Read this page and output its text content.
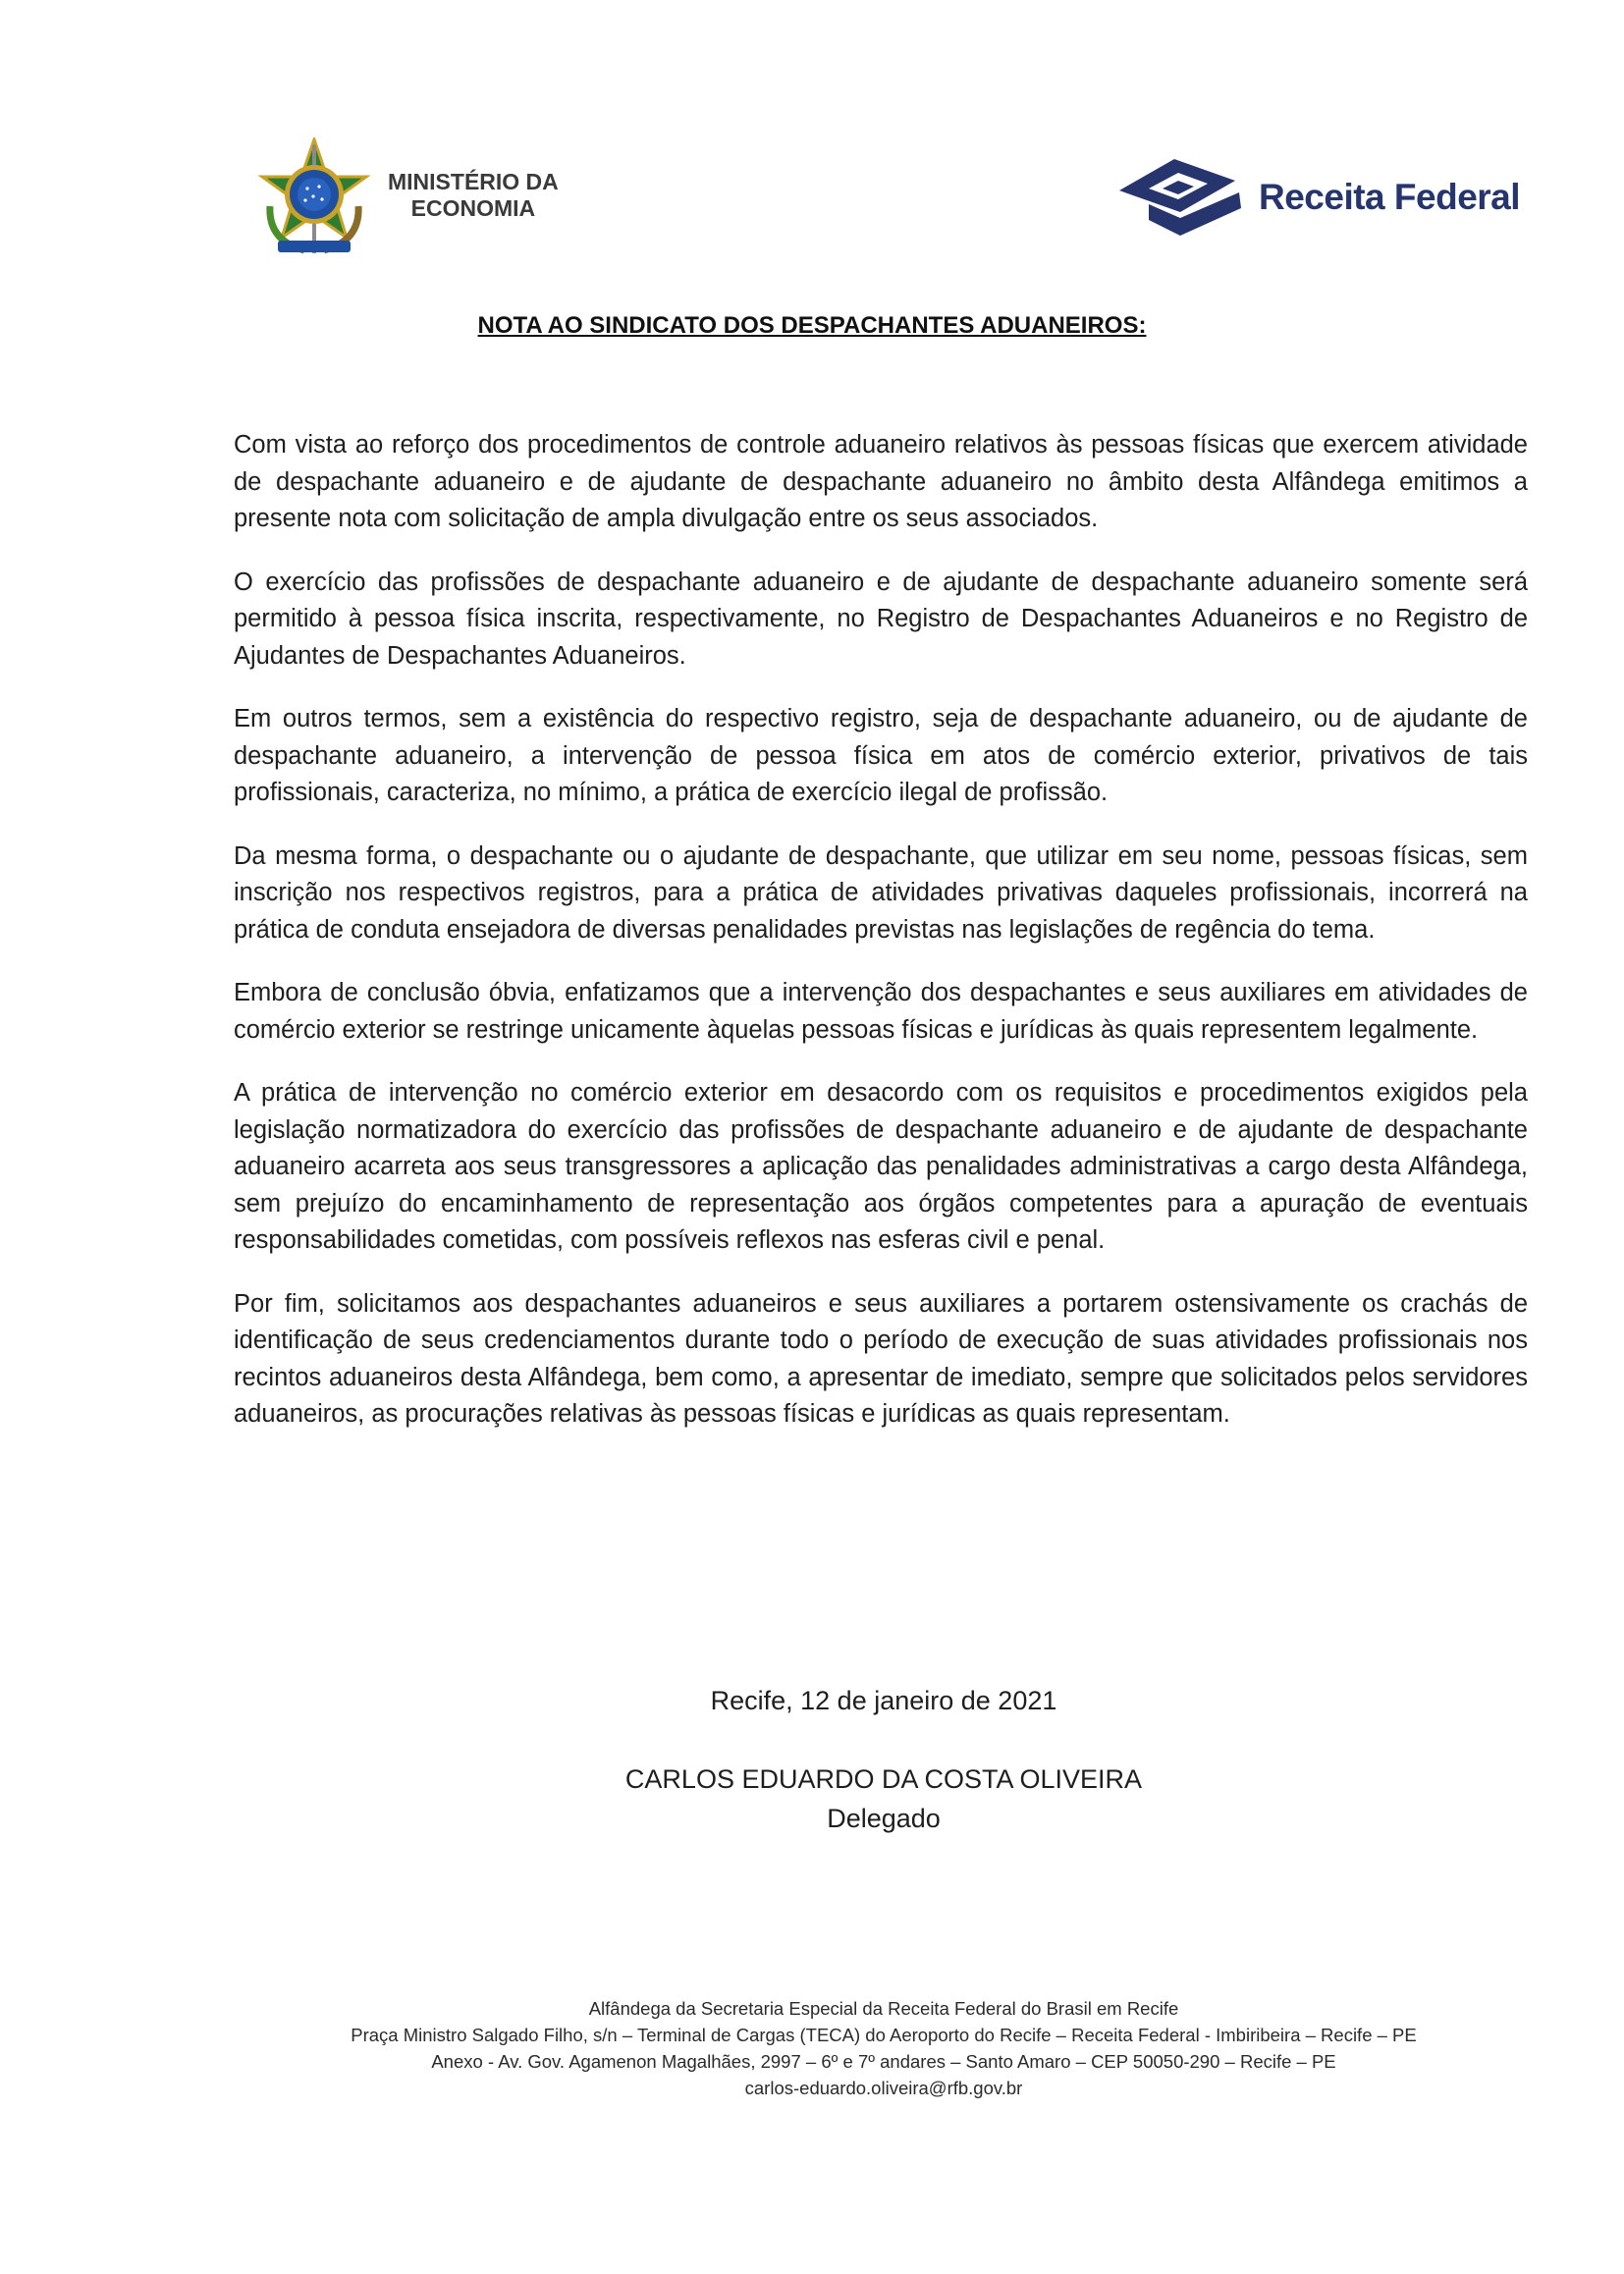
MINISTÉRIO DA
ECONOMIA	Receita Federal
NOTA AO SINDICATO DOS DESPACHANTES ADUANEIROS:

Com vista ao reforço dos procedimentos de controle aduaneiro relativos às pessoas físicas que exercem atividade de despachante aduaneiro e de ajudante de despachante aduaneiro no âmbito desta Alfândega emitimos a presente nota com solicitação de ampla divulgação entre os seus associados.

O exercício das profissões de despachante aduaneiro e de ajudante de despachante aduaneiro somente será permitido à pessoa física inscrita, respectivamente, no Registro de Despachantes Aduaneiros e no Registro de Ajudantes de Despachantes Aduaneiros.

Em outros termos, sem a existência do respectivo registro, seja de despachante aduaneiro, ou de ajudante de despachante aduaneiro, a intervenção de pessoa física em atos de comércio exterior, privativos de tais profissionais, caracteriza, no mínimo, a prática de exercício ilegal de profissão.

Da mesma forma, o despachante ou o ajudante de despachante, que utilizar em seu nome, pessoas físicas, sem inscrição nos respectivos registros, para a prática de atividades privativas daqueles profissionais, incorrerá na prática de conduta ensejadora de diversas penalidades previstas nas legislações de regência do tema.

Embora de conclusão óbvia, enfatizamos que a intervenção dos despachantes e seus auxiliares em atividades de comércio exterior se restringe unicamente àquelas pessoas físicas e jurídicas às quais representem legalmente.

A prática de intervenção no comércio exterior em desacordo com os requisitos e procedimentos exigidos pela legislação normatizadora do exercício das profissões de despachante aduaneiro e de ajudante de despachante aduaneiro acarreta aos seus transgressores a aplicação das penalidades administrativas a cargo desta Alfândega, sem prejuízo do encaminhamento de representação aos órgãos competentes para a apuração de eventuais responsabilidades cometidas, com possíveis reflexos nas esferas civil e penal.

Por fim, solicitamos aos despachantes aduaneiros e seus auxiliares a portarem ostensivamente os crachás de identificação de seus credenciamentos durante todo o período de execução de suas atividades profissionais nos recintos aduaneiros desta Alfândega, bem como, a apresentar de imediato, sempre que solicitados pelos servidores aduaneiros, as procurações relativas às pessoas físicas e jurídicas as quais representam.

Recife, 12 de janeiro de 2021
CARLOS EDUARDO DA COSTA OLIVEIRA
Delegado
Alfândega da Secretaria Especial da Receita Federal do Brasil em Recife
Praça Ministro Salgado Filho, s/n – Terminal de Cargas (TECA) do Aeroporto do Recife – Receita Federal - Imbiribeira – Recife – PE
Anexo - Av. Gov. Agamenon Magalhães, 2997 – 6º e 7º andares – Santo Amaro – CEP 50050-290 – Recife – PE
carlos-eduardo.oliveira@rfb.gov.br
